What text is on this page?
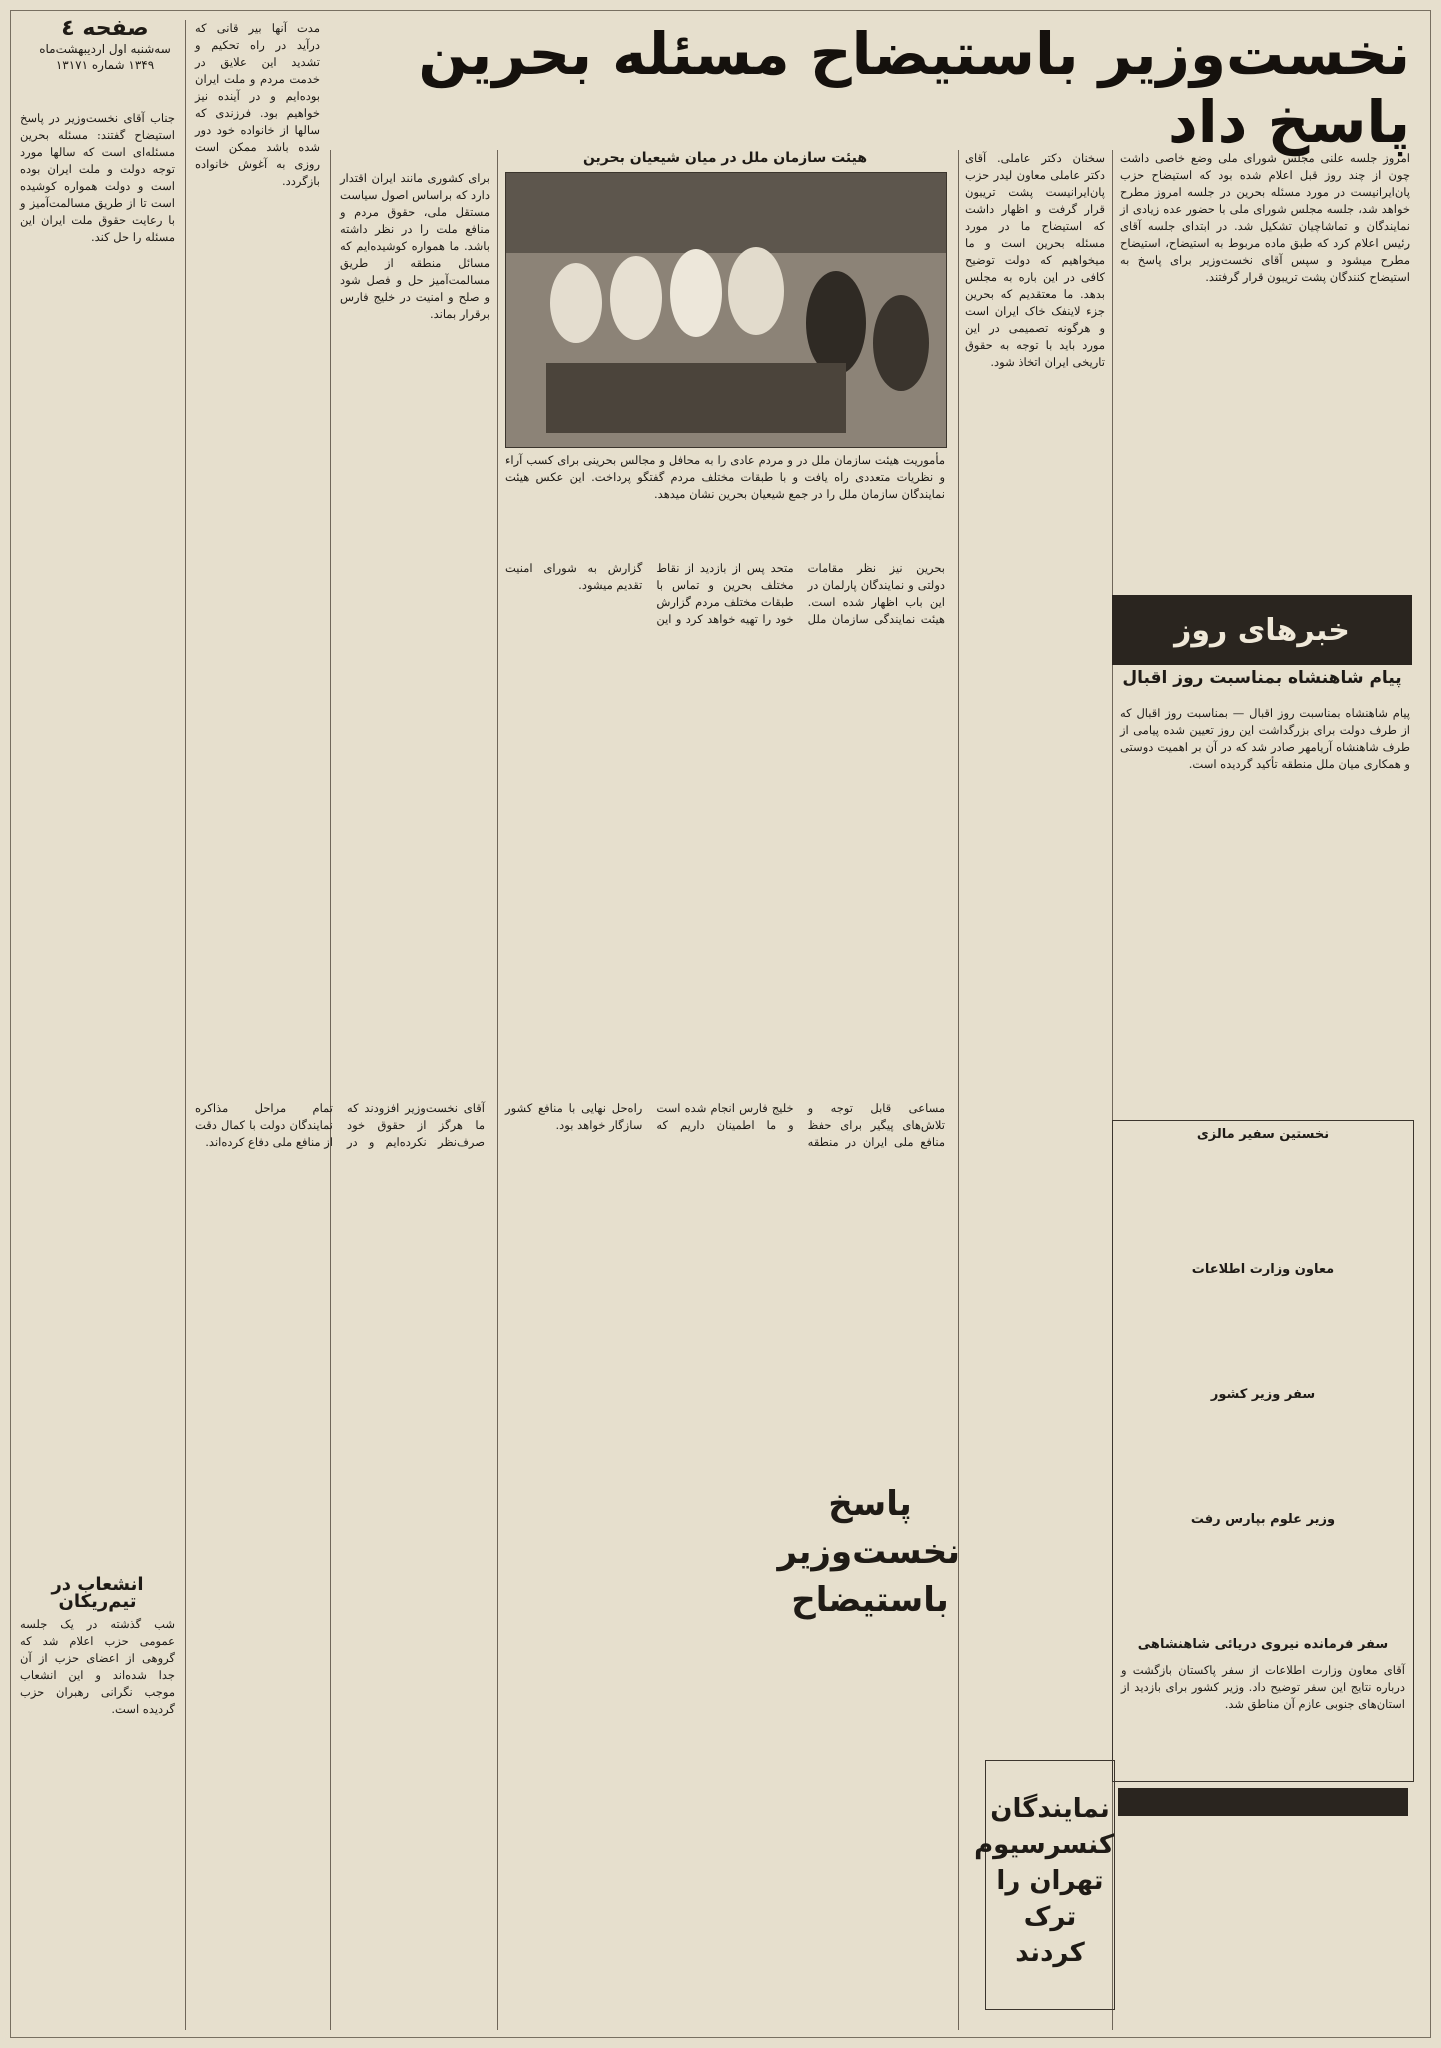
نخست‌وزیر باستیضاح مسئله بحرین پاسخ داد
صفحه ٤
سه‌شنبه اول اردیبهشت‌ماه
۱۳۴۹ شماره ۱۳۱۷۱

امروز جلسه علنی مجلس شورای ملی وضع خاصی داشت چون از چند روز قبل اعلام شده بود که استیضاح حزب پان‌ایرانیست در مورد مسئله بحرین در جلسه امروز مطرح خواهد شد، جلسه مجلس شورای ملی با حضور عده زیادی از نمایندگان و تماشاچیان تشکیل شد. در ابتدای جلسه آقای رئیس اعلام کرد که طبق ماده مربوط به استیضاح، استیضاح مطرح میشود و سپس آقای نخست‌وزیر برای پاسخ به استیضاح کنندگان پشت تریبون قرار گرفتند.

سخنان دکتر عاملی. آقای دکتر عاملی معاون لیدر حزب پان‌ایرانیست پشت تریبون قرار گرفت و اظهار داشت که استیضاح ما در مورد مسئله بحرین است و ما میخواهیم که دولت توضیح کافی در این باره به مجلس بدهد. ما معتقدیم که بحرین جزء لاینفک خاک ایران است و هرگونه تصمیمی در این مورد باید با توجه به حقوق تاریخی ایران اتخاذ شود.

هیئت سازمان ملل در میان شیعیان بحرین
مأموریت هیئت سازمان ملل در و مردم عادی را به محافل و مجالس بحرینی برای کسب آراء و نظریات متعددی راه یافت و با طبقات مختلف مردم گفتگو پرداخت. این عکس هیئت نمایندگان سازمان ملل را در جمع شیعیان بحرین نشان میدهد.

بحرین نیز نظر مقامات دولتی و نمایندگان پارلمان در این باب اظهار شده است. هیئت نمایندگی سازمان ملل متحد پس از بازدید از نقاط مختلف بحرین و تماس با طبقات مختلف مردم گزارش خود را تهیه خواهد کرد و این گزارش به شورای امنیت تقدیم میشود.

برای کشوری مانند ایران اقتدار دارد که براساس اصول سیاست مستقل ملی، حقوق مردم و منافع ملت را در نظر داشته باشد. ما همواره کوشیده‌ایم که مسائل منطقه از طریق مسالمت‌آمیز حل و فصل شود و صلح و امنیت در خلیج فارس برقرار بماند.

مدت آنها بیر قانی که درآید در راه تحکیم و تشدید این علایق در خدمت مردم و ملت ایران بوده‌ایم و در آینده نیز خواهیم بود. فرزندی که سالها از خانواده خود دور شده باشد ممکن است روزی به آغوش خانواده بازگردد.

جناب آقای نخست‌وزیر در پاسخ استیضاح گفتند: مسئله بحرین مسئله‌ای است که سالها مورد توجه دولت و ملت ایران بوده است و دولت همواره کوشیده است تا از طریق مسالمت‌آمیز و با رعایت حقوق ملت ایران این مسئله را حل کند.

مساعی قابل توجه و تلاش‌های پیگیر برای حفظ منافع ملی ایران در منطقه خلیج فارس انجام شده است و ما اطمینان داریم که راه‌حل نهایی با منافع کشور سازگار خواهد بود.

آقای نخست‌وزیر افزودند که ما هرگز از حقوق خود صرف‌نظر نکرده‌ایم و در تمام مراحل مذاکره نمایندگان دولت با کمال دقت از منافع ملی دفاع کرده‌اند.

انشعاب در تیم‌ریکان

شب گذشته در یک جلسه عمومی حزب اعلام شد که گروهی از اعضای حزب از آن جدا شده‌اند و این انشعاب موجب نگرانی رهبران حزب گردیده است.

خبرهای روز
پیام شاهنشاه بمناسبت روز اقبال

پیام شاهنشاه بمناسبت روز اقبال — بمناسبت روز اقبال که از طرف دولت برای بزرگداشت این روز تعیین شده پیامی از طرف شاهنشاه آریامهر صادر شد که در آن بر اهمیت دوستی و همکاری میان ملل منطقه تأکید گردیده است.

نخستین سفیر مالزی
معاون وزارت اطلاعات
سفر وزیر کشور
وزیر علوم بپارس رفت
سفر فرمانده نیروی دریائی شاهنشاهی
آقای معاون وزارت اطلاعات از سفر پاکستان بازگشت و درباره نتایج این سفر توضیح داد. وزیر کشور برای بازدید از استان‌های جنوبی عازم آن مناطق شد.
پاسخ
نخست‌وزیر
باستیضاح
نمایندگان
کنسرسیوم
تهران را
ترک کردند
